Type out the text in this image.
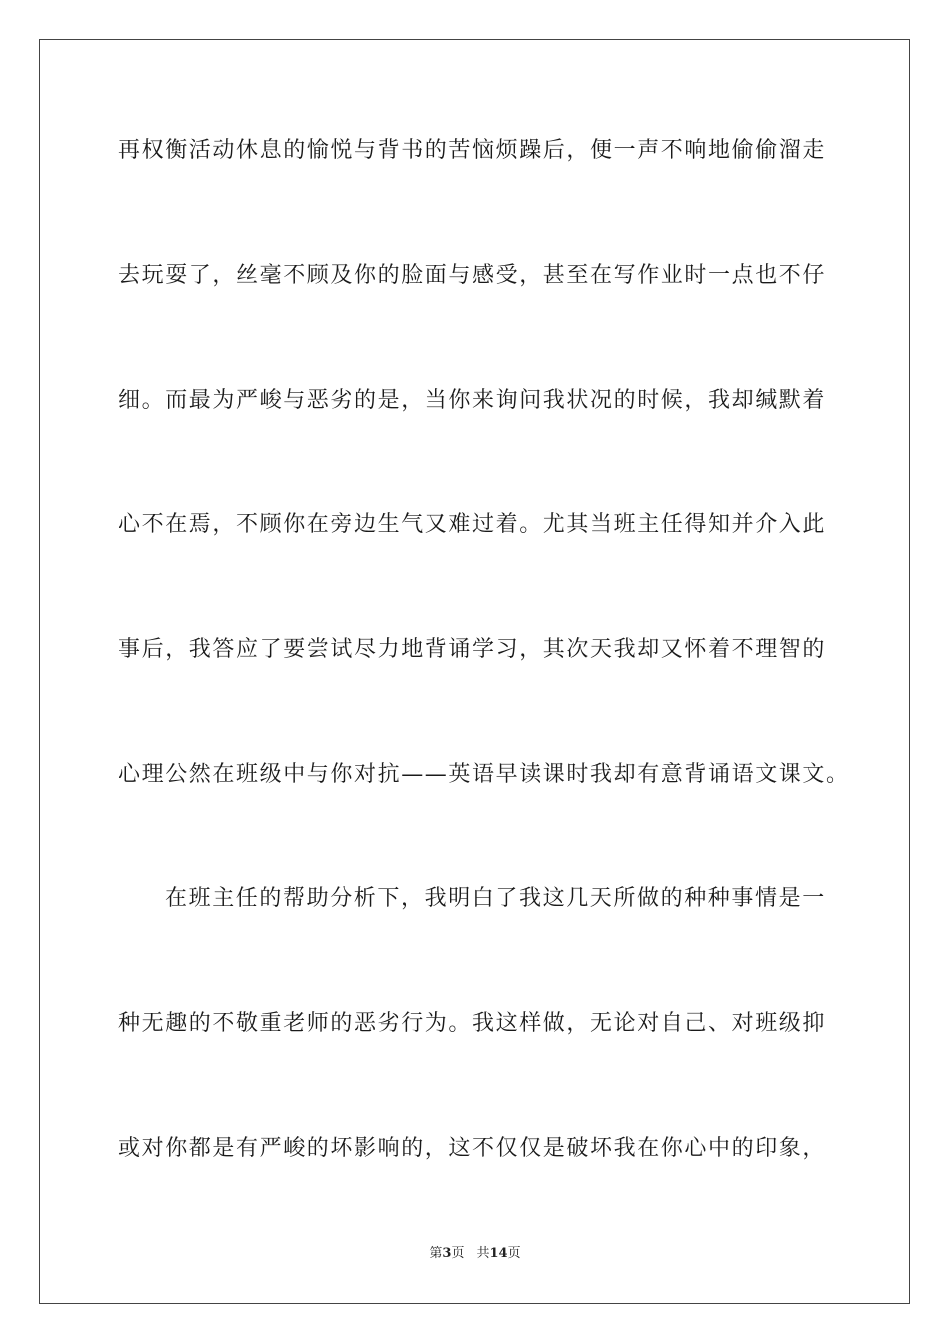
再权衡活动休息的愉悦与背书的苦恼烦躁后，便一声不响地偷偷溜走
去玩耍了，丝毫不顾及你的脸面与感受，甚至在写作业时一点也不仔
细。而最为严峻与恶劣的是，当你来询问我状况的时候，我却缄默着
心不在焉，不顾你在旁边生气又难过着。尤其当班主任得知并介入此
事后，我答应了要尝试尽力地背诵学习，其次天我却又怀着不理智的
心理公然在班级中与你对抗——英语早读课时我却有意背诵语文课文。
在班主任的帮助分析下，我明白了我这几天所做的种种事情是一
种无趣的不敬重老师的恶劣行为。我这样做，无论对自己、对班级抑
或对你都是有严峻的坏影响的，这不仅仅是破坏我在你心中的印象，
第3页 共14页
